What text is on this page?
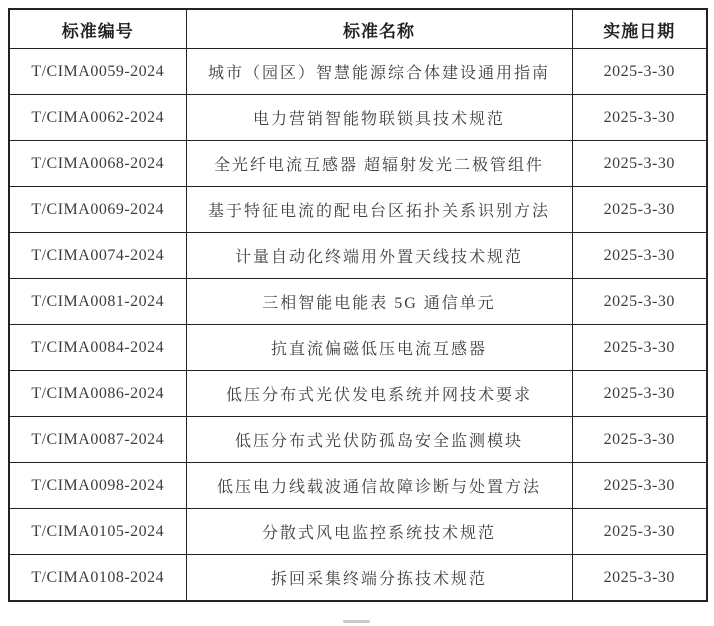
标准编号	标准名称	实施日期
T/CIMA0059-2024	城市（园区）智慧能源综合体建设通用指南	2025-3-30
T/CIMA0062-2024	电力营销智能物联锁具技术规范	2025-3-30
T/CIMA0068-2024	全光纤电流互感器 超辐射发光二极管组件	2025-3-30
T/CIMA0069-2024	基于特征电流的配电台区拓扑关系识别方法	2025-3-30
T/CIMA0074-2024	计量自动化终端用外置天线技术规范	2025-3-30
T/CIMA0081-2024	三相智能电能表 5G 通信单元	2025-3-30
T/CIMA0084-2024	抗直流偏磁低压电流互感器	2025-3-30
T/CIMA0086-2024	低压分布式光伏发电系统并网技术要求	2025-3-30
T/CIMA0087-2024	低压分布式光伏防孤岛安全监测模块	2025-3-30
T/CIMA0098-2024	低压电力线载波通信故障诊断与处置方法	2025-3-30
T/CIMA0105-2024	分散式风电监控系统技术规范	2025-3-30
T/CIMA0108-2024	拆回采集终端分拣技术规范	2025-3-30
